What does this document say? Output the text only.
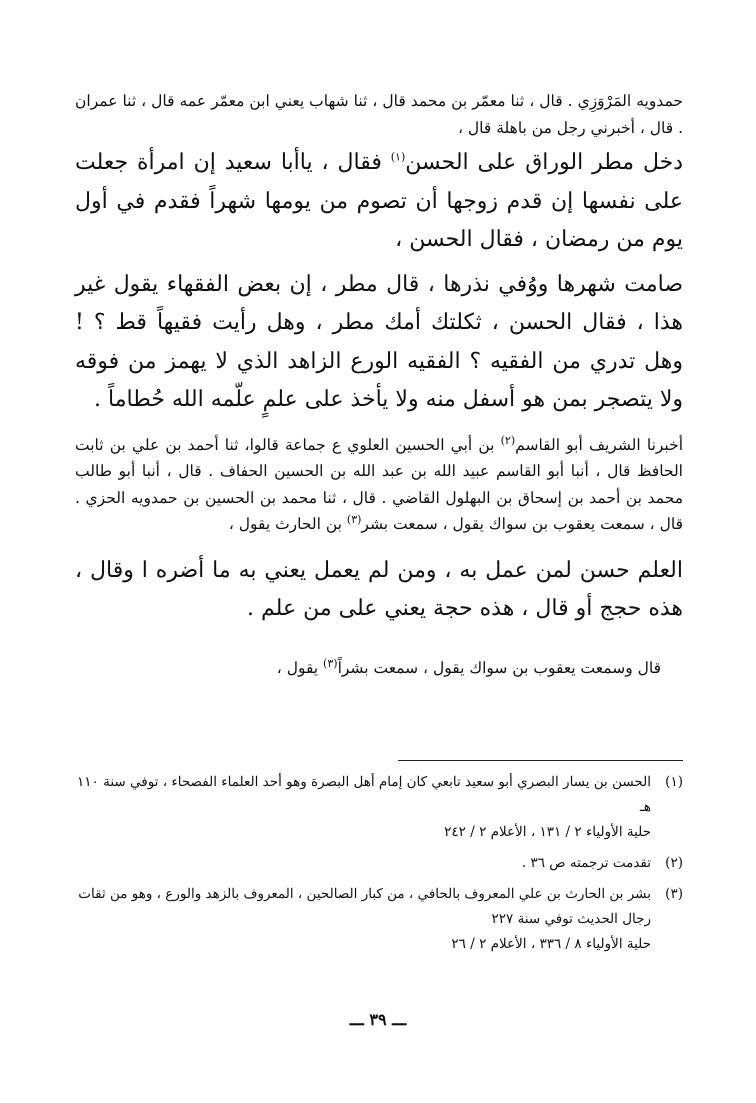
حمدويه المَرْوَزِي . قال ، ثنا معمّر بن محمد قال ، ثنا شهاب يعني ابن معمّر عمه قال ، ثنا عمران . قال ، أخبرني رجل من باهلة قال ،

دخل مطر الوراق على الحسن$^{(١)}$ فقال ، ياأبا سعيد إن امرأة جعلت على نفسها إن قدم زوجها أن تصوم من يومها شهراً فقدم في أول يوم من رمضان ، فقال الحسن ،

صامت شهرها ووُفي نذرها ، قال مطر ، إن بعض الفقهاء يقول غير هذا ، فقال الحسن ، ثكلتك أمك مطر ، وهل رأيت فقيهاً قط ؟ ! وهل تدري من الفقيه ؟ الفقيه الورع الزاهد الذي لا يهمز من فوقه ولا يتصجر بمن هو أسفل منه ولا يأخذ على علمٍ علّمه الله حُطاماً .

أخبرنا الشريف أبو القاسم$^{(٢)}$ بن أبي الحسين العلوي ع جماعة قالوا، ثنا أحمد بن علي بن ثابت الحافظ قال ، أنبا أبو القاسم عبيد الله بن عبد الله بن الحسين الحفاف . قال ، أنبا أبو طالب محمد بن أحمد بن إسحاق بن البهلول القاضي . قال ، ثنا محمد بن الحسين بن حمدويه الحزي . قال ، سمعت يعقوب بن سواك يقول ، سمعت بشر$^{(٣)}$ بن الحارث يقول ،

العلم حسن لمن عمل به ، ومن لم يعمل يعني به ما أضره ا وقال ، هذه حجج أو قال ، هذه حجة يعني على من علم .

قال وسمعت يعقوب بن سواك يقول ، سمعت بشراً$^{(٣)}$ يقول ،

(١)
الحسن بن يسار البصري أبو سعيد تابعي كان إمام أهل البصرة وهو أحد العلماء الفصحاء ، توفي سنة ١١٠ هـ
حلية الأولياء ٢ / ١٣١ ، الأعلام ٢ / ٢٤٢
(٢)
تقدمت ترجمته ص ٣٦ .
(٣)
بشر بن الحارث بن علي المعروف بالحافي ، من كبار الصالحين ، المعروف بالزهد والورع ، وهو من ثقات رجال الحديث توفي سنة ٢٢٧
حلية الأولياء ٨ / ٣٣٦ ، الأعلام ٢ / ٢٦
ـــ ٣٩ ـــ
